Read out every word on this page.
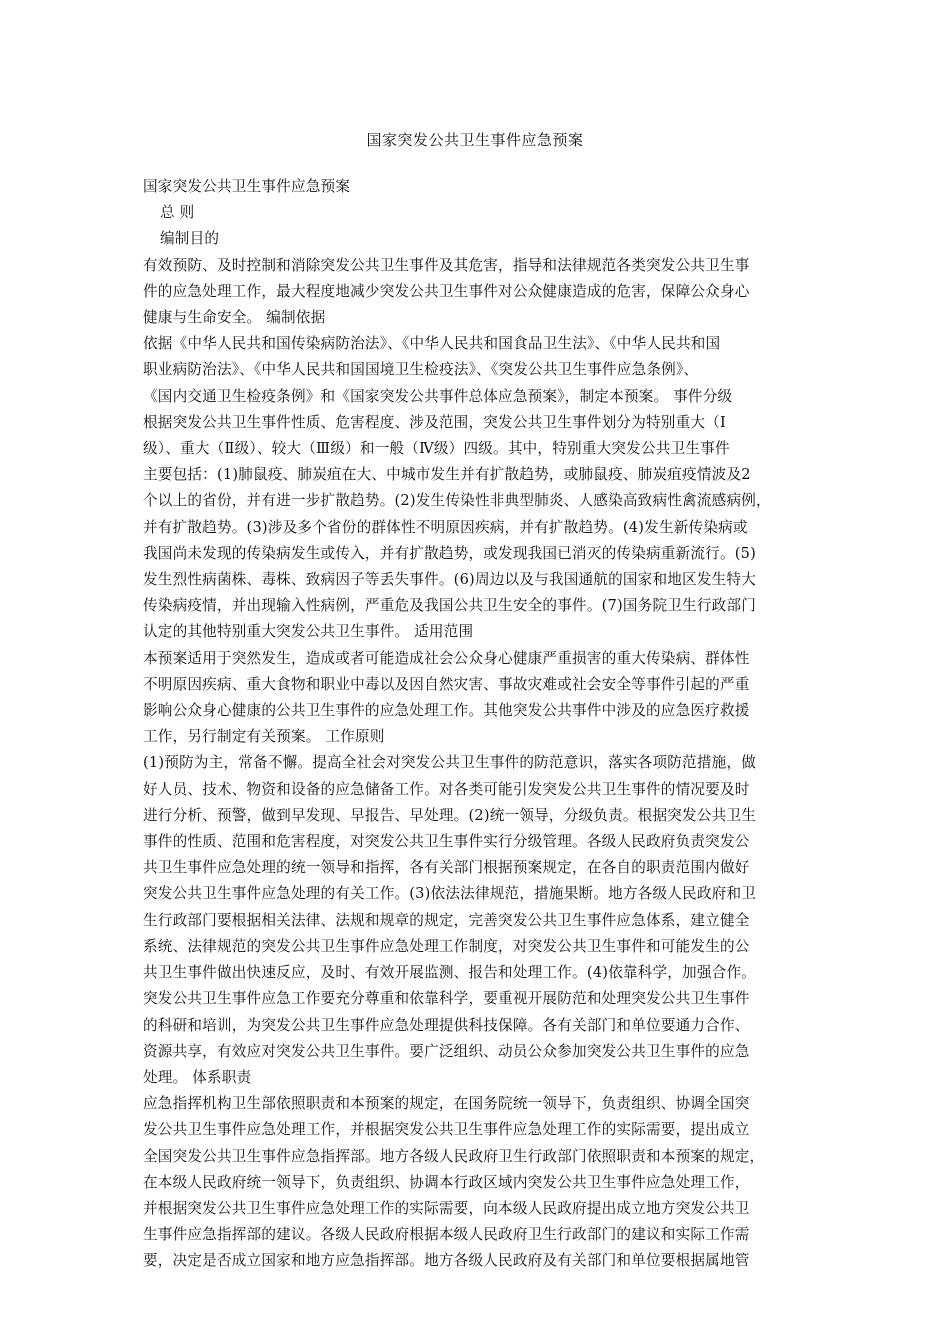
国家突发公共卫生事件应急预案
国家突发公共卫生事件应急预案
总 则
编制目的
有效预防、及时控制和消除突发公共卫生事件及其危害，指导和法律规范各类突发公共卫生事
件的应急处理工作，最大程度地减少突发公共卫生事件对公众健康造成的危害，保障公众身心
健康与生命安全。 编制依据
依据《中华人民共和国传染病防治法》、《中华人民共和国食品卫生法》、《中华人民共和国
职业病防治法》、《中华人民共和国国境卫生检疫法》、《突发公共卫生事件应急条例》、
《国内交通卫生检疫条例》和《国家突发公共事件总体应急预案》，制定本预案。 事件分级
根据突发公共卫生事件性质、危害程度、涉及范围，突发公共卫生事件划分为特别重大（Ⅰ
级）、重大（Ⅱ级）、较大（Ⅲ级）和一般（Ⅳ级）四级。其中，特别重大突发公共卫生事件
主要包括：(1)肺鼠疫、肺炭疽在大、中城市发生并有扩散趋势，或肺鼠疫、肺炭疽疫情波及2
个以上的省份，并有进一步扩散趋势。(2)发生传染性非典型肺炎、人感染高致病性禽流感病例，
并有扩散趋势。(3)涉及多个省份的群体性不明原因疾病，并有扩散趋势。(4)发生新传染病或
我国尚未发现的传染病发生或传入，并有扩散趋势，或发现我国已消灭的传染病重新流行。(5)
发生烈性病菌株、毒株、致病因子等丢失事件。(6)周边以及与我国通航的国家和地区发生特大
传染病疫情，并出现输入性病例，严重危及我国公共卫生安全的事件。(7)国务院卫生行政部门
认定的其他特别重大突发公共卫生事件。 适用范围
本预案适用于突然发生，造成或者可能造成社会公众身心健康严重损害的重大传染病、群体性
不明原因疾病、重大食物和职业中毒以及因自然灾害、事故灾难或社会安全等事件引起的严重
影响公众身心健康的公共卫生事件的应急处理工作。其他突发公共事件中涉及的应急医疗救援
工作，另行制定有关预案。 工作原则
(1)预防为主，常备不懈。提高全社会对突发公共卫生事件的防范意识，落实各项防范措施，做
好人员、技术、物资和设备的应急储备工作。对各类可能引发突发公共卫生事件的情况要及时
进行分析、预警，做到早发现、早报告、早处理。(2)统一领导，分级负责。根据突发公共卫生
事件的性质、范围和危害程度，对突发公共卫生事件实行分级管理。各级人民政府负责突发公
共卫生事件应急处理的统一领导和指挥，各有关部门根据预案规定，在各自的职责范围内做好
突发公共卫生事件应急处理的有关工作。(3)依法法律规范，措施果断。地方各级人民政府和卫
生行政部门要根据相关法律、法规和规章的规定，完善突发公共卫生事件应急体系，建立健全
系统、法律规范的突发公共卫生事件应急处理工作制度，对突发公共卫生事件和可能发生的公
共卫生事件做出快速反应，及时、有效开展监测、报告和处理工作。(4)依靠科学，加强合作。
突发公共卫生事件应急工作要充分尊重和依靠科学，要重视开展防范和处理突发公共卫生事件
的科研和培训，为突发公共卫生事件应急处理提供科技保障。各有关部门和单位要通力合作、
资源共享，有效应对突发公共卫生事件。要广泛组织、动员公众参加突发公共卫生事件的应急
处理。 体系职责
应急指挥机构卫生部依照职责和本预案的规定，在国务院统一领导下，负责组织、协调全国突
发公共卫生事件应急处理工作，并根据突发公共卫生事件应急处理工作的实际需要，提出成立
全国突发公共卫生事件应急指挥部。地方各级人民政府卫生行政部门依照职责和本预案的规定，
在本级人民政府统一领导下，负责组织、协调本行政区域内突发公共卫生事件应急处理工作，
并根据突发公共卫生事件应急处理工作的实际需要，向本级人民政府提出成立地方突发公共卫
生事件应急指挥部的建议。各级人民政府根据本级人民政府卫生行政部门的建议和实际工作需
要，决定是否成立国家和地方应急指挥部。地方各级人民政府及有关部门和单位要根据属地管
